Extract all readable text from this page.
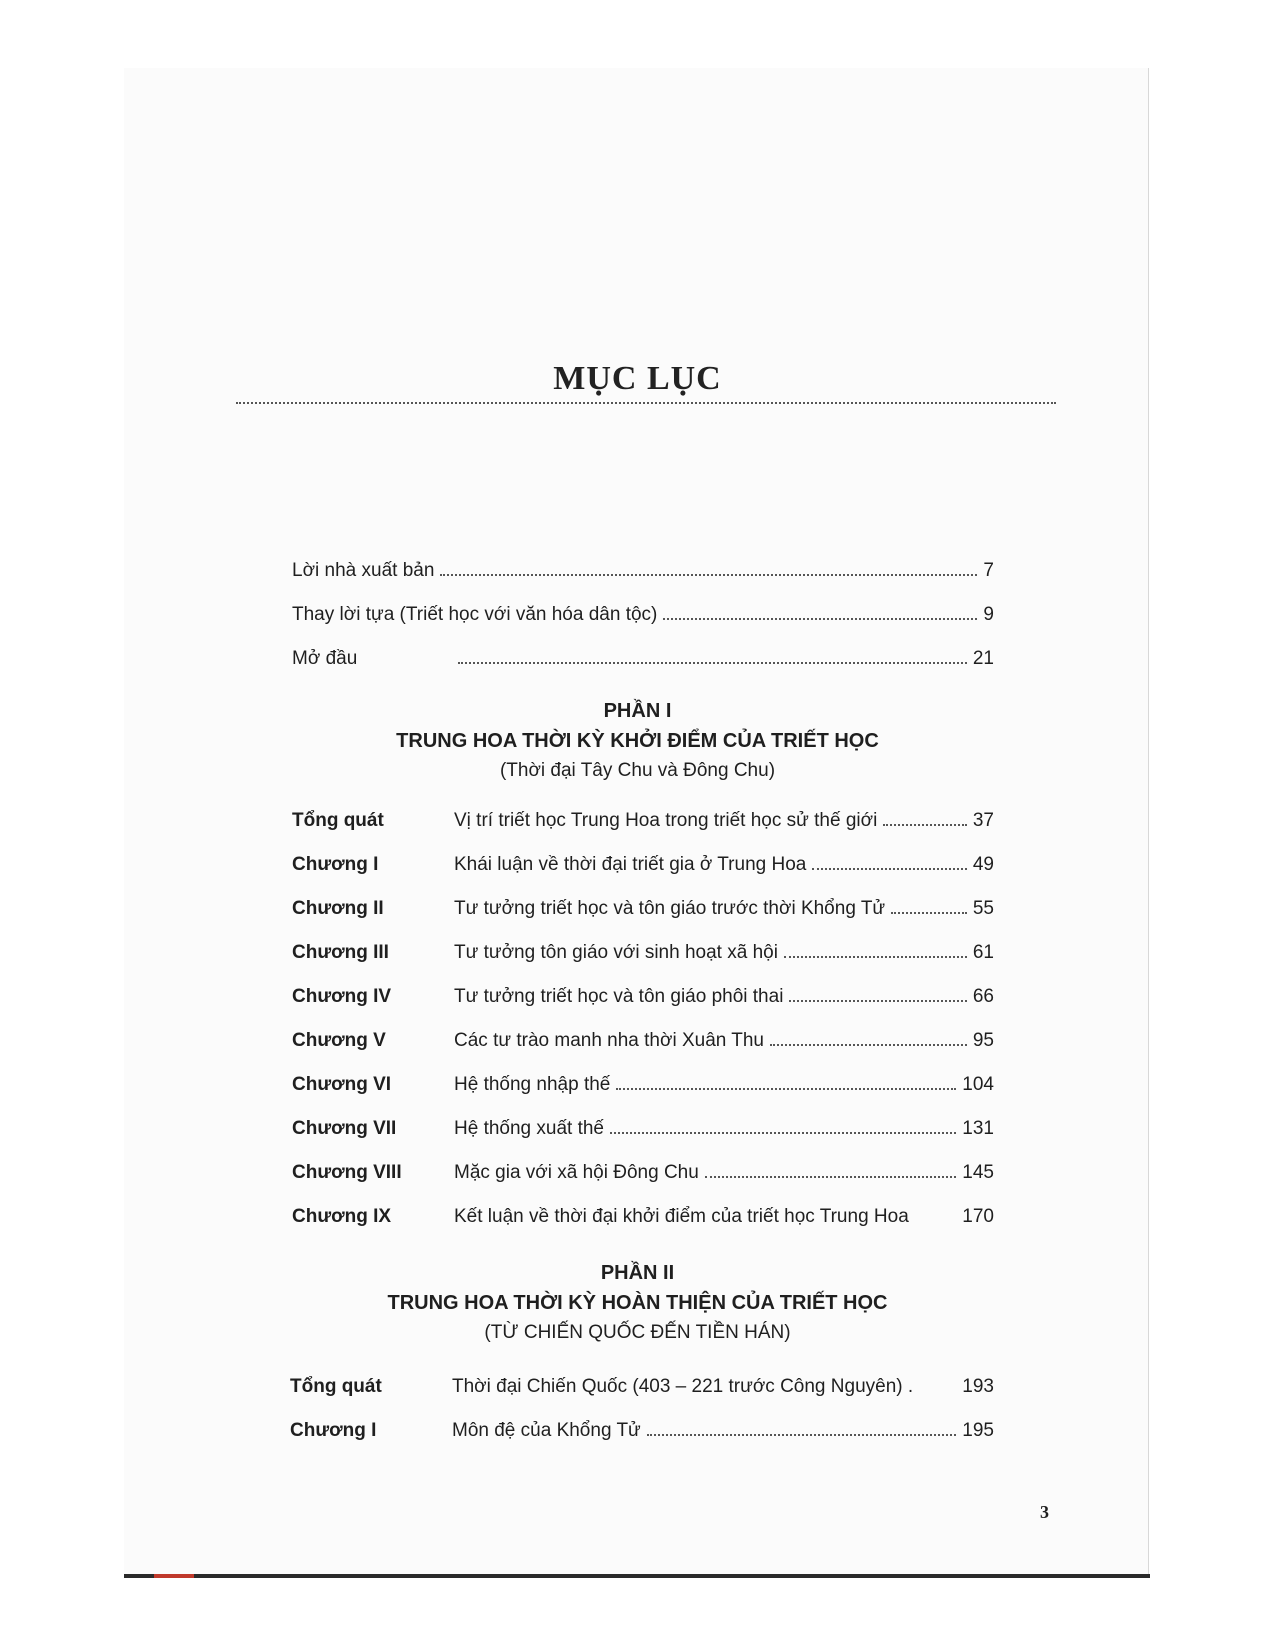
MỤC LỤC
Lời nhà xuất bản	7
Thay lời tựa (Triết học với văn hóa dân tộc)	9
Mở đầu	21
PHẦN I
TRUNG HOA THỜI KỲ KHỞI ĐIỂM CỦA TRIẾT HỌC
(Thời đại Tây Chu và Đông Chu)
Tổng quát	Vị trí triết học Trung Hoa trong triết học sử thế giới	37
Chương I	Khái luận về thời đại triết gia ở Trung Hoa	49
Chương II	Tư tưởng triết học và tôn giáo trước thời Khổng Tử	55
Chương III	Tư tưởng tôn giáo với sinh hoạt xã hội	61
Chương IV	Tư tưởng triết học và tôn giáo phôi thai	66
Chương V	Các tư trào manh nha thời Xuân Thu	95
Chương VI	Hệ thống nhập thế	104
Chương VII	Hệ thống xuất thế	131
Chương VIII	Mặc gia với xã hội Đông Chu	145
Chương IX	Kết luận về thời đại khởi điểm của triết học Trung Hoa	170
PHẦN II
TRUNG HOA THỜI KỲ HOÀN THIỆN CỦA TRIẾT HỌC
(TỪ CHIẾN QUỐC ĐẾN TIỀN HÁN)
Tổng quát	Thời đại Chiến Quốc (403 – 221 trước Công Nguyên) .	193
Chương I	Môn đệ của Khổng Tử	195
3
